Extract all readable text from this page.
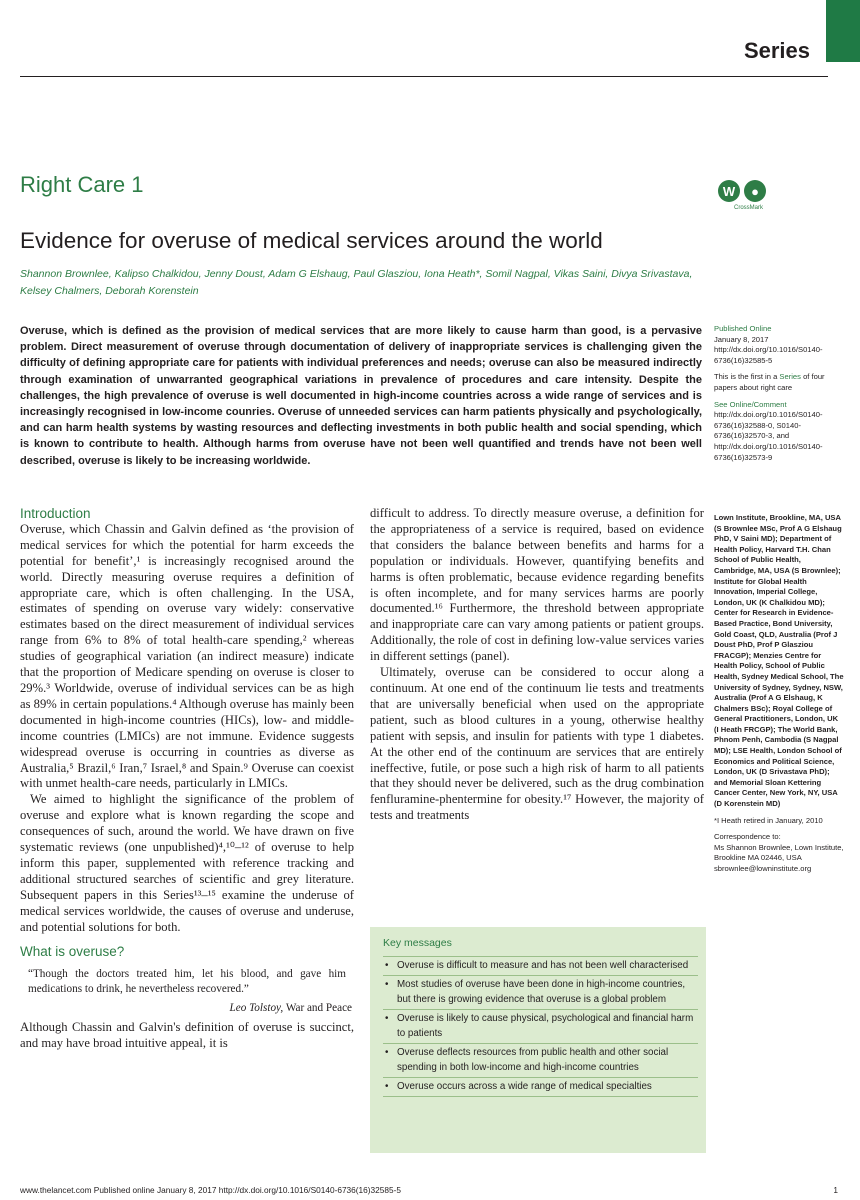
Series
Right Care 1	W	●
CrossMark
Evidence for overuse of medical services around the world
Shannon Brownlee, Kalipso Chalkidou, Jenny Doust, Adam G Elshaug, Paul Glasziou, Iona Heath*, Somil Nagpal, Vikas Saini, Divya Srivastava, Kelsey Chalmers, Deborah Korenstein
Overuse, which is defined as the provision of medical services that are more likely to cause harm than good, is a pervasive problem. Direct measurement of overuse through documentation of delivery of inappropriate services is challenging given the difficulty of defining appropriate care for patients with individual preferences and needs; overuse can also be measured indirectly through examination of unwarranted geographical variations in prevalence of procedures and care intensity. Despite the challenges, the high prevalence of overuse is well documented in high-income countries across a wide range of services and is increasingly recognised in low-income counries. Overuse of unneeded services can harm patients physically and psychologically, and can harm health systems by wasting resources and deflecting investments in both public health and social spending, which is known to contribute to health. Although harms from overuse have not been well quantified and trends have not been well described, overuse is likely to be increasing worldwide.

Published Online
January 8, 2017
http://dx.doi.org/10.1016/S0140-6736(16)32585-5

This is the first in a Series of four papers about right care

See Online/Comment
http://dx.doi.org/10.1016/S0140-6736(16)32588-0, S0140-6736(16)32570-3, and http://dx.doi.org/10.1016/S0140-6736(16)32573-9

Lown Institute, Brookline, MA, USA (S Brownlee MSc, Prof A G Elshaug PhD, V Saini MD); Department of Health Policy, Harvard T.H. Chan School of Public Health, Cambridge, MA, USA (S Brownlee); Institute for Global Health Innovation, Imperial College, London, UK (K Chalkidou MD); Center for Research in Evidence-Based Practice, Bond University, Gold Coast, QLD, Australia (Prof J Doust PhD, Prof P Glasziou FRACGP); Menzies Centre for Health Policy, School of Public Health, Sydney Medical School, The University of Sydney, Sydney, NSW, Australia (Prof A G Elshaug, K Chalmers BSc); Royal College of General Practitioners, London, UK (I Heath FRCGP); The World Bank, Phnom Penh, Cambodia (S Nagpal MD); LSE Health, London School of Economics and Political Science, London, UK (D Srivastava PhD); and Memorial Sloan Kettering Cancer Center, New York, NY, USA (D Korenstein MD)

*I Heath retired in January, 2010

Correspondence to:
Ms Shannon Brownlee, Lown Institute, Brookline MA 02446, USA
sbrownlee@lowninstitute.org

Introduction

Overuse, which Chassin and Galvin defined as ‘the provision of medical services for which the potential for harm exceeds the potential for benefit’,¹ is increasingly recognised around the world. Directly measuring overuse requires a definition of appropriate care, which is often challenging. In the USA, estimates of spending on overuse vary widely: conservative estimates based on the direct measurement of individual services range from 6% to 8% of total health-care spending,² whereas studies of geographical variation (an indirect measure) indicate that the proportion of Medicare spending on overuse is closer to 29%.³ Worldwide, overuse of individual services can be as high as 89% in certain populations.⁴ Although overuse has mainly been documented in high-income countries (HICs), low- and middle-income countries (LMICs) are not immune. Evidence suggests widespread overuse is occurring in countries as diverse as Australia,⁵ Brazil,⁶ Iran,⁷ Israel,⁸ and Spain.⁹ Overuse can coexist with unmet health-care needs, particularly in LMICs.

We aimed to highlight the significance of the problem of overuse and explore what is known regarding the scope and consequences of such, around the world. We have drawn on five systematic reviews (one unpublished)⁴,¹⁰–¹² of overuse to help inform this paper, supplemented with reference tracking and additional structured searches of scientific and grey literature. Subsequent papers in this Series¹³–¹⁵ examine the underuse of medical services worldwide, the causes of overuse and underuse, and potential solutions for both.

What is overuse?
“Though the doctors treated him, let his blood, and gave him medications to drink, he nevertheless recovered.”
Leo Tolstoy, War and Peace

Although Chassin and Galvin's definition of overuse is succinct, and may have broad intuitive appeal, it is

difficult to address. To directly measure overuse, a definition for the appropriateness of a service is required, based on evidence that considers the balance between benefits and harms for a population or individuals. However, quantifying benefits and harms is often problematic, because evidence regarding benefits is often incomplete, and for many services harms are poorly documented.¹⁶ Furthermore, the threshold between appropriate and inappropriate care can vary among patients or patient groups. Additionally, the role of cost in defining low-value services varies in different settings (panel).

Ultimately, overuse can be considered to occur along a continuum. At one end of the continuum lie tests and treatments that are universally beneficial when used on the appropriate patient, such as blood cultures in a young, otherwise healthy patient with sepsis, and insulin for patients with type 1 diabetes. At the other end of the continuum are services that are entirely ineffective, futile, or pose such a high risk of harm to all patients that they should never be delivered, such as the drug combination fenfluramine-phentermine for obesity.¹⁷ However, the majority of tests and treatments

Key messages
• Overuse is difficult to measure and has not been well characterised
• Most studies of overuse have been done in high-income countries, but there is growing evidence that overuse is a global problem
• Overuse is likely to cause physical, psychological and financial harm to patients
• Overuse deflects resources from public health and other social spending in both low-income and high-income countries
• Overuse occurs across a wide range of medical specialties
www.thelancet.com Published online January 8, 2017 http://dx.doi.org/10.1016/S0140-6736(16)32585-5	1
